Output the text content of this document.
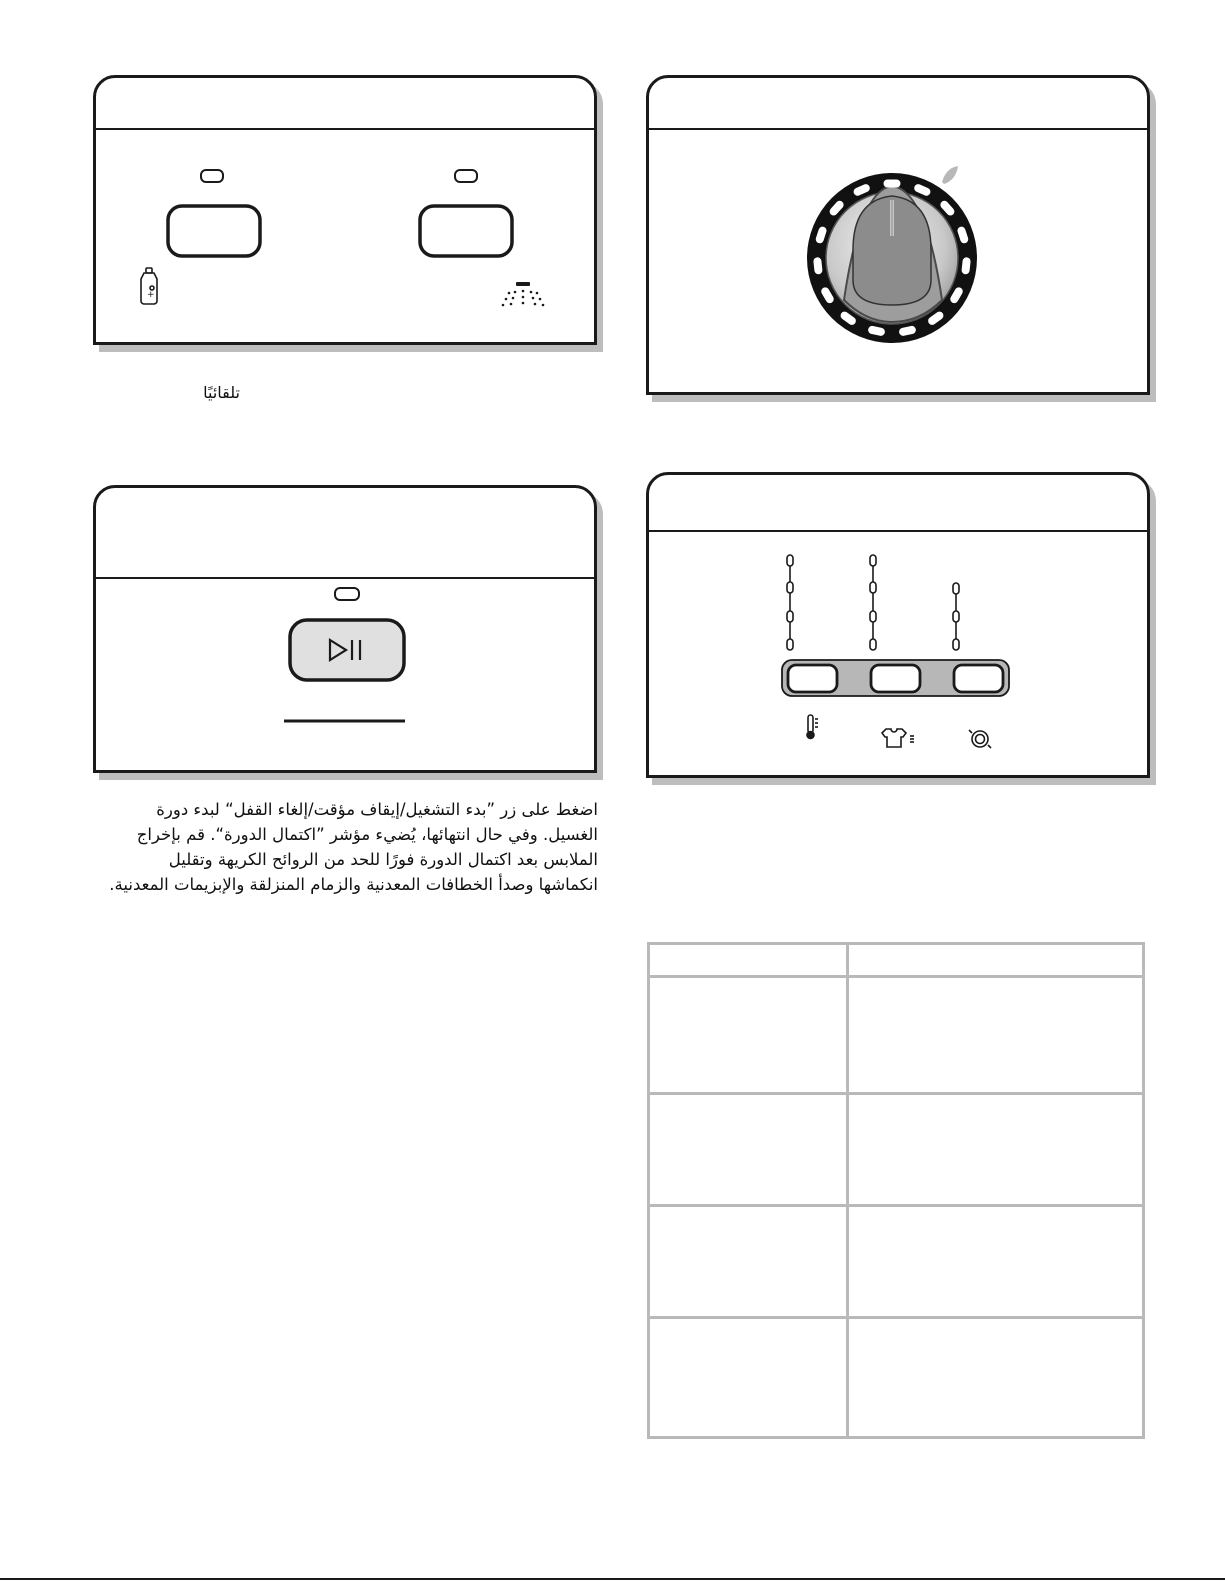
+
تلقائيًا
اضغط على زر ”بدء التشغيل/إيقاف مؤقت/إلغاء القفل“ لبدء دورة
الغسيل. وفي حال انتهائها، يُضيء مؤشر ”اكتمال الدورة“. قم بإخراج
الملابس بعد اكتمال الدورة فورًا للحد من الروائح الكريهة وتقليل
انكماشها وصدأ الخطافات المعدنية والزمام المنزلقة والإبزيمات المعدنية.
